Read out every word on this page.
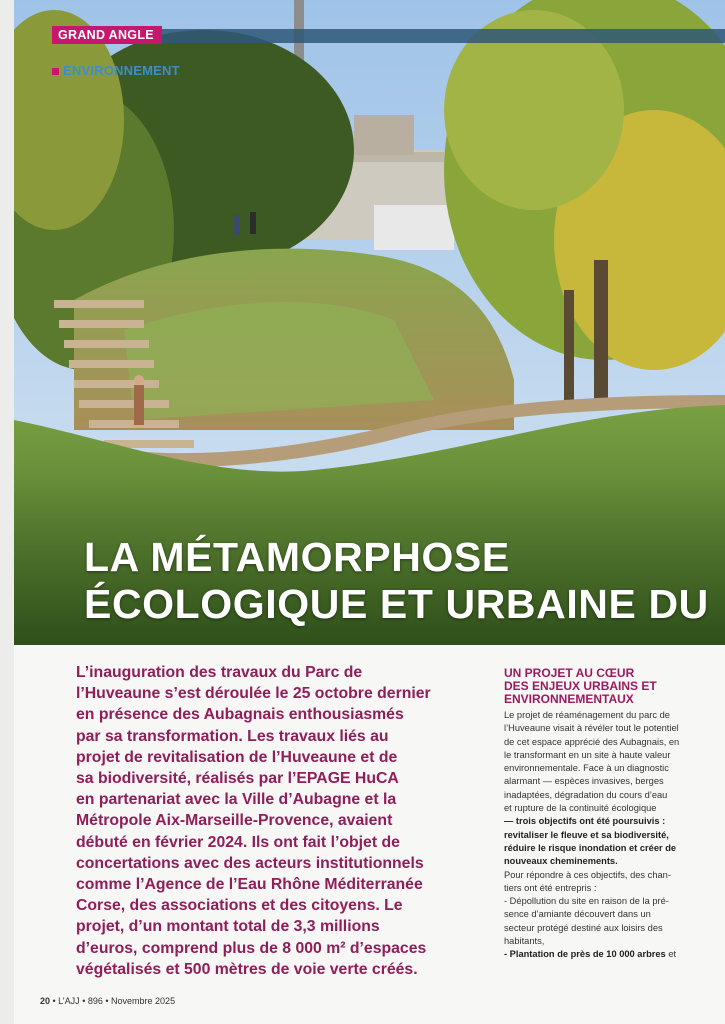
GRAND ANGLE
ENVIRONNEMENT
LA MÉTAMORPHOSE
ÉCOLOGIQUE ET URBAINE DU

L’inauguration des travaux du Parc de

l’Huveaune s’est déroulée le 25 octobre dernier

en présence des Aubagnais enthousiasmés

par sa transformation. Les travaux liés au

projet de revitalisation de l’Huveaune et de

sa biodiversité, réalisés par l’EPAGE HuCA

en partenariat avec la Ville d’Aubagne et la

Métropole Aix-Marseille-Provence, avaient

débuté en février 2024. Ils ont fait l’objet de

concertations avec des acteurs institutionnels

comme l’Agence de l’Eau Rhône Méditerranée

Corse, des associations et des citoyens. Le

projet, d’un montant total de 3,3 millions

d’euros, comprend plus de 8 000 m² d’espaces

végétalisés et 500 mètres de voie verte créés.

UN PROJET AU CŒUR
DES ENJEUX URBAINS ET
ENVIRONNEMENTAUX

Le projet de réaménagement du parc de

l’Huveaune visait à révéler tout le potentiel

de cet espace apprécié des Aubagnais, en

le transformant en un site à haute valeur

environnementale. Face à un diagnostic

alarmant — espèces invasives, berges

inadaptées, dégradation du cours d’eau

et rupture de la continuité écologique

— trois objectifs ont été poursuivis :

revitaliser le fleuve et sa biodiversité,

réduire le risque inondation et créer de

nouveaux cheminements.

Pour répondre à ces objectifs, des chan-

tiers ont été entrepris :

- Dépollution du site en raison de la pré-

sence d’amiante découvert dans un

secteur protégé destiné aux loisirs des

habitants,

- Plantation de près de 10 000 arbres et

20 • L’AJJ • 896 • Novembre 2025
